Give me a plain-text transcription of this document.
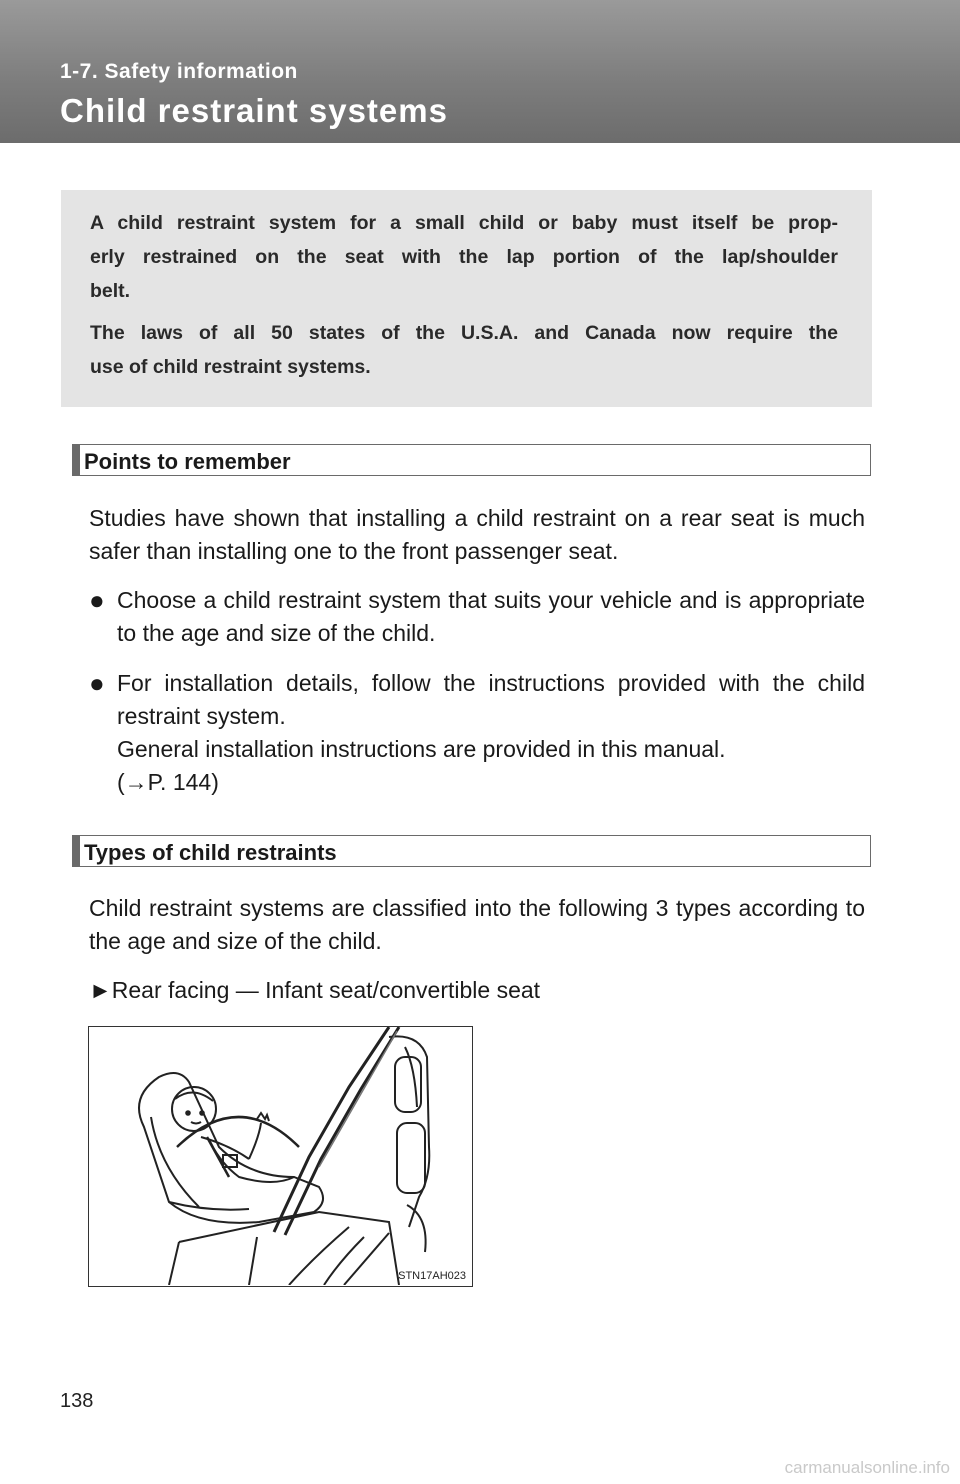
1-7. Safety information
Child restraint systems

A child restraint system for a small child or baby must itself be prop-

erly restrained on the seat with the lap portion of the lap/shoulder

belt.

The laws of all 50 states of the U.S.A. and Canada now require the

use of child restraint systems.

Points to remember

Studies have shown that installing a child restraint on a rear seat is much safer than installing one to the front passenger seat.

● Choose a child restraint system that suits your vehicle and is appropriate to the age and size of the child.

● For installation details, follow the instructions provided with the child restraint system.

General installation instructions are provided in this manual.

(→P. 144)

Types of child restraints

Child restraint systems are classified into the following 3 types according to the age and size of the child.

►Rear facing — Infant seat/convertible seat

STN17AH023
138
carmanualsonline.info
